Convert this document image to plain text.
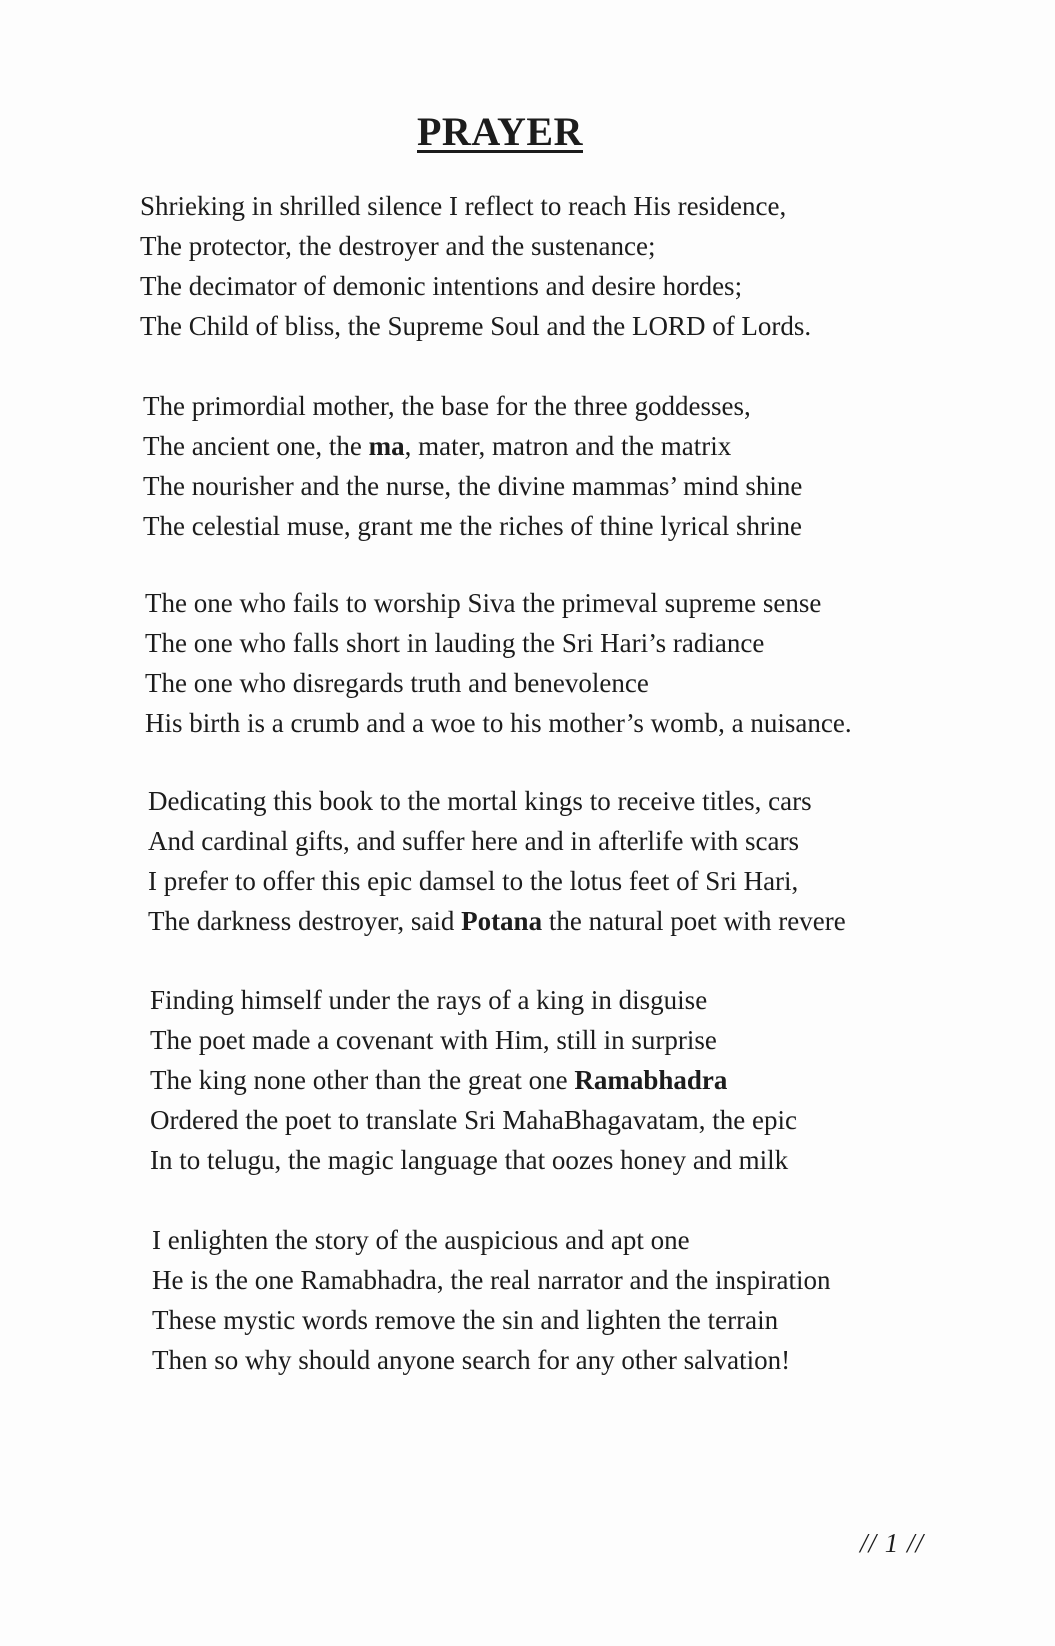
PRAYER
Shrieking in shrilled silence I reflect to reach His residence,
The protector, the destroyer and the sustenance;
The decimator of demonic intentions and desire hordes;
The Child of bliss, the Supreme Soul and the LORD of Lords.
The primordial mother, the base for the three goddesses,
The ancient one, the ma, mater, matron and the matrix
The nourisher and the nurse, the divine mammas’ mind shine
The celestial muse, grant me the riches of thine lyrical shrine
The one who fails to worship Siva the primeval supreme sense
The one who falls short in lauding the Sri Hari’s radiance
The one who disregards truth and benevolence
His birth is a crumb and a woe to his mother’s womb, a nuisance.
Dedicating this book to the mortal kings to receive titles, cars
And cardinal gifts, and suffer here and in afterlife with scars
I prefer to offer this epic damsel to the lotus feet of Sri Hari,
The darkness destroyer, said Potana the natural poet with revere
Finding himself under the rays of a king in disguise
The poet made a covenant with Him, still in surprise
The king none other than the great one Ramabhadra
Ordered the poet to translate Sri MahaBhagavatam, the epic
In to telugu, the magic language that oozes honey and milk
I enlighten the story of the auspicious and apt one
He is the one Ramabhadra, the real narrator and the inspiration
These mystic words remove the sin and lighten the terrain
Then so why should anyone search for any other salvation!
// 1 //
